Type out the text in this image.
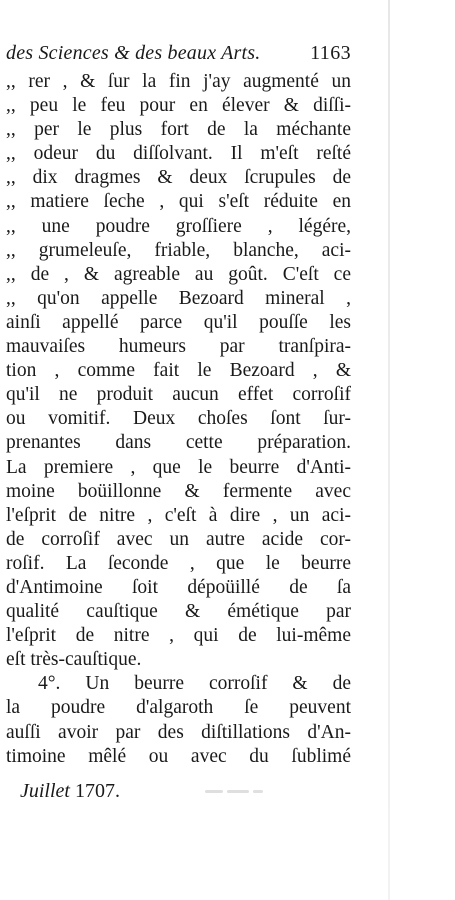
des Sciences & des beaux Arts. 1163
,, rer , & ſur la fin j'ay augmenté un
,, peu le feu pour en élever & diſſi-
,, per le plus fort de la méchante
,, odeur du diſſolvant. Il m'eſt reſté
,, dix dragmes & deux ſcrupules de
,, matiere ſeche , qui s'eſt réduite en
,, une poudre groſſiere , légére,
,, grumeleuſe, friable, blanche, aci-
,, de , & agreable au goût. C'eſt ce
,, qu'on appelle Bezoard mineral ,
ainſi appellé parce qu'il pouſſe les
mauvaiſes humeurs par tranſpira-
tion , comme fait le Bezoard , &
qu'il ne produit aucun effet corroſif
ou vomitif. Deux choſes ſont ſur-
prenantes dans cette préparation.
La premiere , que le beurre d'Anti-
moine boüillonne & fermente avec
l'eſprit de nitre , c'eſt à dire , un aci-
de corroſif avec un autre acide cor-
roſif. La ſeconde , que le beurre
d'Antimoine ſoit dépoüillé de ſa
qualité cauſtique & émétique par
l'eſprit de nitre , qui de lui-même
eſt très-cauſtique.
4°. Un beurre corroſif & de
la poudre d'algaroth ſe peuvent
auſſi avoir par des diſtillations d'An-
timoine mêlé ou avec du ſublimé
Juillet 1707.
